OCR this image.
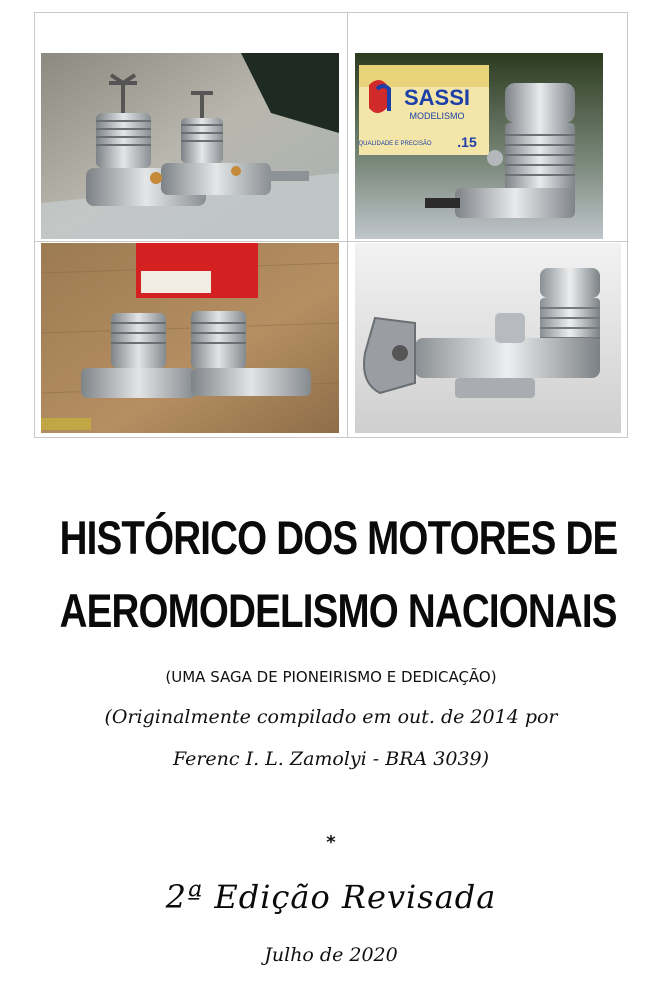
SASSI
MODELISMO
QUALIDADE E PRECISÃO .15
HISTÓRICO DOS MOTORES DE
AEROMODELISMO NACIONAIS
(UMA SAGA DE PIONEIRISMO E DEDICAÇÃO)
(Originalmente compilado em out. de 2014 por
Ferenc I. L. Zamolyi - BRA 3039)
*
2ª Edição Revisada
Julho de 2020
